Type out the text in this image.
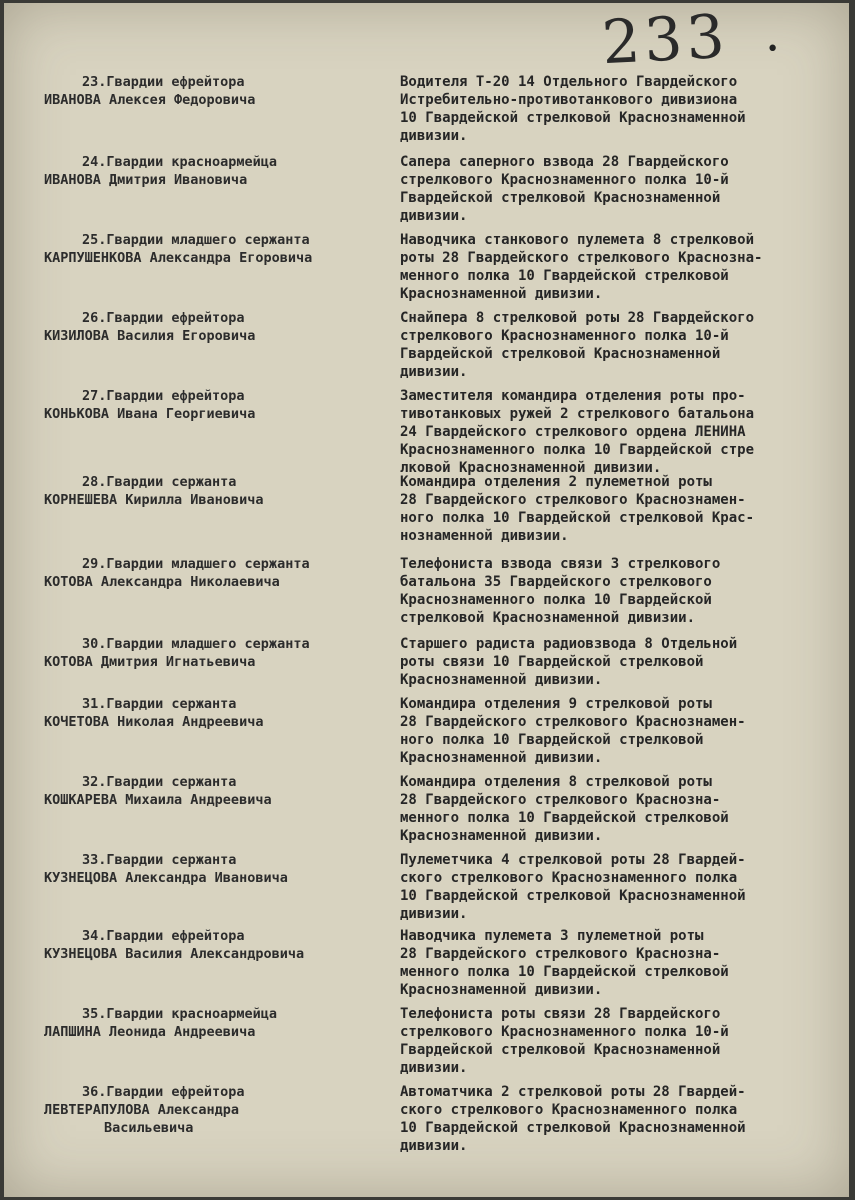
233 •
23.Гвардии ефрейтора
ИВАНОВА Алексея Федоровича
Водителя Т-20 14 Отдельного Гвардейского
Истребительно-противотанкового дивизиона
10 Гвардейской стрелковой Краснознаменной
дивизии.
24.Гвардии красноармейца
ИВАНОВА Дмитрия Ивановича
Сапера саперного взвода 28 Гвардейского
стрелкового Краснознаменного полка 10-й
Гвардейской стрелковой Краснознаменной
дивизии.
25.Гвардии младшего сержанта
КАРПУШЕНКОВА Александра Егоровича
Наводчика станкового пулемета 8 стрелковой
роты 28 Гвардейского стрелкового Краснозна-
менного полка 10 Гвардейской стрелковой
Краснознаменной дивизии.
26.Гвардии ефрейтора
КИЗИЛОВА Василия Егоровича
Снайпера 8 стрелковой роты 28 Гвардейского
стрелкового Краснознаменного полка 10-й
Гвардейской стрелковой Краснознаменной
дивизии.
27.Гвардии ефрейтора
КОНЬКОВА Ивана Георгиевича
Заместителя командира отделения роты про-
тивотанковых ружей 2 стрелкового батальона
24 Гвардейского стрелкового ордена ЛЕНИНА
Краснознаменного полка 10 Гвардейской стре
лковой Краснознаменной дивизии.
28.Гвардии сержанта
КОРНЕШЕВА Кирилла Ивановича
Командира отделения 2 пулеметной роты
28 Гвардейского стрелкового Краснознамен-
ного полка 10 Гвардейской стрелковой Крас-
нознаменной дивизии.
29.Гвардии младшего сержанта
КОТОВА Александра Николаевича
Телефониста взвода связи 3 стрелкового
батальона 35 Гвардейского стрелкового
Краснознаменного полка 10 Гвардейской
стрелковой Краснознаменной дивизии.
30.Гвардии младшего сержанта
КОТОВА Дмитрия Игнатьевича
Старшего радиста радиовзвода 8 Отдельной
роты связи 10 Гвардейской стрелковой
Краснознаменной дивизии.
31.Гвардии сержанта
КОЧЕТОВА Николая Андреевича
Командира отделения 9 стрелковой роты
28 Гвардейского стрелкового Краснознамен-
ного полка 10 Гвардейской стрелковой
Краснознаменной дивизии.
32.Гвардии сержанта
КОШКАРЕВА Михаила Андреевича
Командира отделения 8 стрелковой роты
28 Гвардейского стрелкового Краснозна-
менного полка 10 Гвардейской стрелковой
Краснознаменной дивизии.
33.Гвардии сержанта
КУЗНЕЦОВА Александра Ивановича
Пулеметчика 4 стрелковой роты 28 Гвардей-
ского стрелкового Краснознаменного полка
10 Гвардейской стрелковой Краснознаменной
дивизии.
34.Гвардии ефрейтора
КУЗНЕЦОВА Василия Александровича
Наводчика пулемета 3 пулеметной роты
28 Гвардейского стрелкового Краснозна-
менного полка 10 Гвардейской стрелковой
Краснознаменной дивизии.
35.Гвардии красноармейца
ЛАПШИНА Леонида Андреевича
Телефониста роты связи 28 Гвардейского
стрелкового Краснознаменного полка 10-й
Гвардейской стрелковой Краснознаменной
дивизии.
36.Гвардии ефрейтора
ЛЕВТЕРАПУЛОВА Александра
Васильевича
Автоматчика 2 стрелковой роты 28 Гвардей-
ского стрелкового Краснознаменного полка
10 Гвардейской стрелковой Краснознаменной
дивизии.
